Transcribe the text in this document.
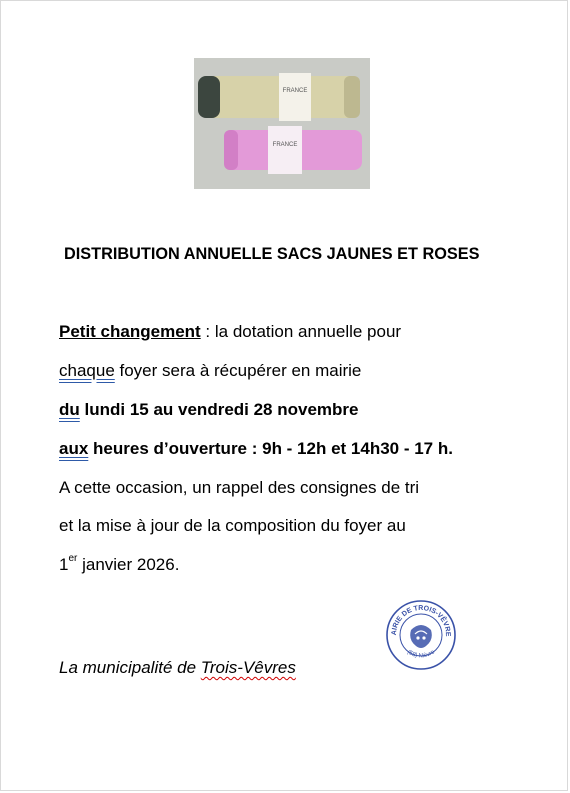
FRANCE
FRANCE
DISTRIBUTION ANNUELLE SACS JAUNES ET ROSES
Petit changement : la dotation annuelle pour
chaque foyer sera à récupérer en mairie
du lundi 15 au vendredi 28 novembre
aux heures d’ouverture : 9h - 12h et 14h30 - 17 h.
A cette occasion, un rappel des consignes de tri
et la mise à jour de la composition du foyer au
1er janvier 2026.
La municipalité de Trois-Vêvres
AIRIE DE TROIS-VÊVRE
(58) Nièvre
